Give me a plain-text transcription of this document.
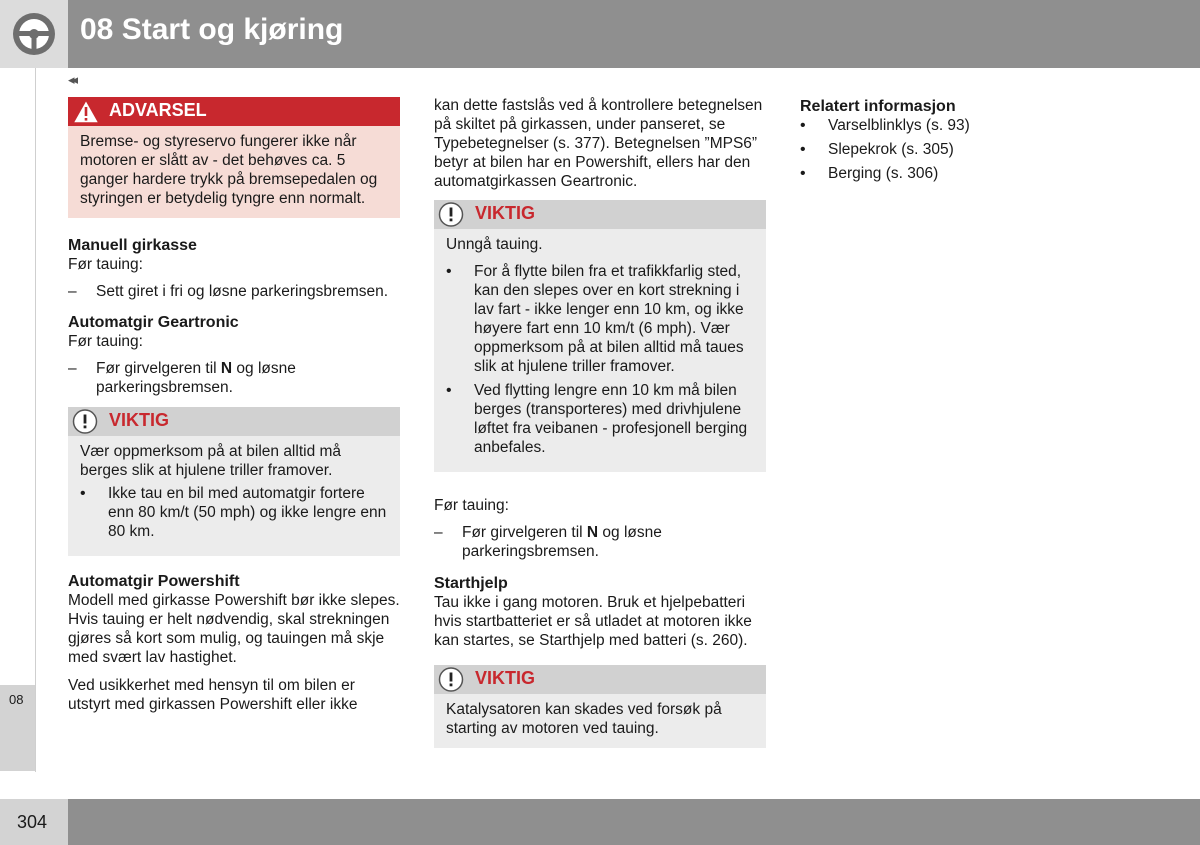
08 Start og kjøring
08
◂◂
ADVARSEL
Bremse- og styreservo fungerer ikke når motoren er slått av - det behøves ca. 5 ganger hardere trykk på bremsepedalen og styringen er betydelig tyngre enn normalt.

Manuell girkasse

Før tauing:

– Sett giret i fri og løsne parkeringsbremsen.

Automatgir Geartronic

Før tauing:

– Før girvelgeren til N og løsne parkeringsbremsen.
VIKTIG

Vær oppmerksom på at bilen alltid må berges slik at hjulene triller framover.

• Ikke tau en bil med automatgir fortere enn 80 km/t (50 mph) og ikke lengre enn 80 km.

Automatgir Powershift

Modell med girkasse Powershift bør ikke slepes. Hvis tauing er helt nødvendig, skal strekningen gjøres så kort som mulig, og tauingen må skje med svært lav hastighet.

Ved usikkerhet med hensyn til om bilen er utstyrt med girkassen Powershift eller ikke

kan dette fastslås ved å kontrollere betegnelsen på skiltet på girkassen, under panseret, se Typebetegnelser (s. 377). Betegnelsen ”MPS6” betyr at bilen har en Powershift, ellers har den automatgirkassen Geartronic.

VIKTIG

Unngå tauing.

• For å flytte bilen fra et trafikkfarlig sted, kan den slepes over en kort strekning i lav fart - ikke lenger enn 10 km, og ikke høyere fart enn 10 km/t (6 mph). Vær oppmerksom på at bilen alltid må taues slik at hjulene triller framover.
• Ved flytting lengre enn 10 km må bilen berges (transporteres) med drivhjulene løftet fra veibanen - profesjonell berging anbefales.

Før tauing:

– Før girvelgeren til N og løsne parkeringsbremsen.

Starthjelp

Tau ikke i gang motoren. Bruk et hjelpebatteri hvis startbatteriet er så utladet at motoren ikke kan startes, se Starthjelp med batteri (s. 260).

VIKTIG
Katalysatoren kan skades ved forsøk på starting av motoren ved tauing.

Relatert informasjon

• Varselblinklys (s. 93)
• Slepekrok (s. 305)
• Berging (s. 306)
304
